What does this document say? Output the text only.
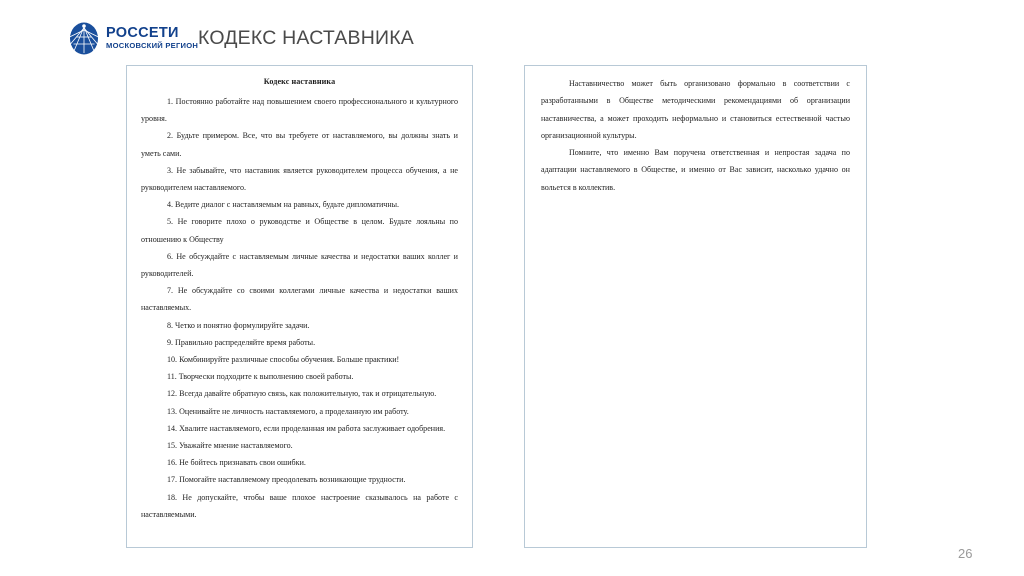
РОССЕТИ
МОСКОВСКИЙ РЕГИОН КОДЕКС НАСТАВНИКА
Кодекс наставника

1. Постоянно работайте над повышением своего профессионального и культурного уровня.

2. Будьте примером. Все, что вы требуете от наставляемого, вы должны знать и уметь сами.

3. Не забывайте, что наставник является руководителем процесса обучения, а не руководителем наставляемого.

4. Ведите диалог с наставляемым на равных, будьте дипломатичны.

5. Не говорите плохо о руководстве и Обществе в целом. Будьте лояльны по отношению к Обществу

6. Не обсуждайте с наставляемым личные качества и недостатки ваших коллег и руководителей.

7. Не обсуждайте со своими коллегами личные качества и недостатки ваших наставляемых.

8. Четко и понятно формулируйте задачи.

9. Правильно распределяйте время работы.

10. Комбинируйте различные способы обучения. Больше практики!

11. Творчески подходите к выполнению своей работы.

12. Всегда давайте обратную связь, как положительную, так и отрицательную.

13. Оценивайте не личность наставляемого, а проделанную им работу.

14. Хвалите наставляемого, если проделанная им работа заслуживает одобрения.

15. Уважайте мнение наставляемого.

16. Не бойтесь признавать свои ошибки.

17. Помогайте наставляемому преодолевать возникающие трудности.

18. Не допускайте, чтобы ваше плохое настроение сказывалось на работе с наставляемыми.

Наставничество может быть организовано формально в соответствии с разработанными в Обществе методическими рекомендациями об организации наставничества, а может проходить неформально и становиться естественной частью организационной культуры.

Помните, что именно Вам поручена ответственная и непростая задача по адаптации наставляемого в Обществе, и именно от Вас зависит, насколько удачно он вольется в коллектив.

26
